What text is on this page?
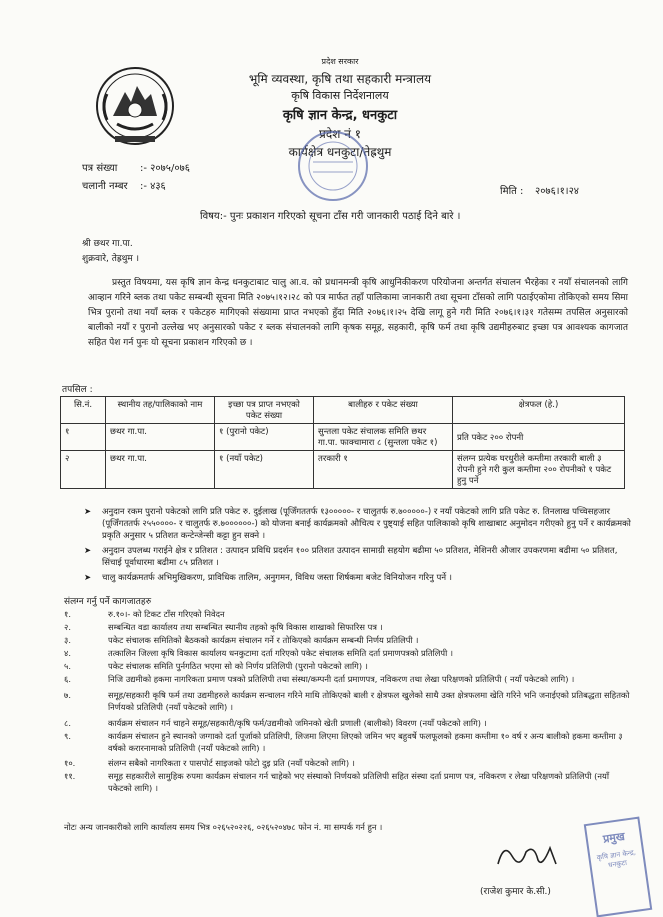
प्रदेश सरकार
भूमि व्यवस्था, कृषि तथा सहकारी मन्त्रालय
कृषि विकास निर्देशनालय
कृषि ज्ञान केन्द्र, धनकुटा
प्रदेश नं १
कार्यक्षेत्र धनकुटा/तेह्रथुम
पत्र संख्या :- २०७५/०७६
चलानी नम्बर :- ४३६	मिति : २०७६।१।२४
विषय:- पुनः प्रकाशन गरिएको सूचना टाँस गरी जानकारी पठाई दिने बारे ।
श्री छथर गा.पा.
शुक्रवारे, तेह्रथुम ।
प्रस्तुत विषयमा, यस कृषि ज्ञान केन्द्र धनकुटाबाट चालु आ.व. को प्रधानमन्त्री कृषि आधुनिकीकरण परियोजना अन्तर्गत संचालन भैरहेका र नयाँ संचालनको लागि आव्हान गरिने ब्लक तथा पकेट सम्बन्धी सूचना मिति २०७५।१२।२८ को पत्र मार्फत तहाँ पालिकामा जानकारी तथा सूचना टाँसको लागि पठाईएकोमा तोकिएको समय सिमा भित्र पुरानो तथा नयाँ ब्लक र पकेटहरु मागिएको संख्यामा प्राप्त नभएको हुँदा मिति २०७६।१।२५ देखि लागू हुने गरी मिति २०७६।१।३१ गतेसम्म तपसिल अनुसारको बालीको नयाँ र पुरानो उल्लेख भए अनुसारको पकेट र ब्लक संचालनको लागि कृषक समूह, सहकारी, कृषि फर्म तथा कृषि उद्यमीहरुबाट इच्छा पत्र आवश्यक कागजात सहित पेश गर्न पुनः यो सूचना प्रकाशन गरिएको छ ।
तपसिल :
सि.नं.	स्थानीय तह/पालिकाको नाम	इच्छा पत्र प्राप्त नभएको पकेट संख्या	बालीहरु र पकेट संख्या	क्षेत्रफल (हे.)
१	छथर गा.पा.	१ (पुरानो पकेट)	सुन्तला पकेट संचालक समिति छथर गा.पा. फाक्चामारा ८ (सुन्तला पकेट १)	प्रति पकेट २०० रोपनी
२	छथर गा.पा.	१ (नयाँ पकेट)	तरकारी १	संलग्न प्रत्येक घरधुरीले कम्तीमा तरकारी बाली ३ रोपनी हुने गरी कुल कम्तीमा २०० रोपनीको १ पकेट हुनु पर्ने
➤ अनुदान रकम पुरानो पकेटको लागि प्रति पकेट रु. दुईलाख (पूजिँगततर्फ १३०००००- र चालुतर्फ रु.७०००००-) र नयाँ पकेटको लागि प्रति पकेट रु. तिनलाख पच्चिसहजार (पूजिँगततर्फ २५५००००- र चालुतर्फ रु.७००००००-) को योजना बनाई कार्यक्रमको औचित्य र पुष्ट्याई सहित पालिकाको कृषि शाखाबाट अनुमोदन गरीएको हुनु पर्ने र कार्यक्रमको प्रकृति अनुसार ५ प्रतिशत कन्टेन्जेन्सी कट्टा हुन सक्ने ।
➤ अनुदान उपलब्ध गराईने क्षेत्र र प्रतिशत : उत्पादन प्रविधि प्रदर्शन १०० प्रतिशत उत्पादन सामाग्री सहयोग बढीमा ५० प्रतिशत, मेशिनरी औजार उपकरणमा बढीमा ५० प्रतिशत, सिंचाई पूर्वाधारमा बढीमा ८५ प्रतिशत ।
➤ चालु कार्यक्रमतर्फ अभिमुखिकरण, प्राविधिक तालिम, अनुगमन, विविध जस्ता शिर्षकमा बजेट विनियोजन गरिनु पर्ने ।
संलग्न गर्नु पर्ने कागजातहरु
१.	रु.१०।- को टिकट टाँस गरिएको निवेदन
२.	सम्बन्धित वडा कार्यालय तथा सम्बन्धित स्थानीय तहको कृषि विकास शाखाको सिफारिस पत्र ।
३.	पकेट संचालक समितिको बैठकको कार्यक्रम संचालन गर्ने र तोकिएको कार्यक्रम सम्बन्धी निर्णय प्रतिलिपी ।
४.	तत्कालिन जिल्ला कृषि विकास कार्यालय धनकुटामा दर्ता गरिएको पकेट संचालक समिति दर्ता प्रमाणपत्रको प्रतिलिपी ।
५.	पकेट संचालक समिति पुर्नगठित भएमा सो को निर्णय प्रतिलिपी (पुरानो पकेटको लागि) ।
६.	निजि उद्यमीको हकमा नागरिकता प्रमाण पत्रको प्रतिलिपी तथा संस्था/कम्पनी दर्ता प्रमाणपत्र, नविकरण तथा लेखा परिक्षणको प्रतिलिपी ( नयाँ पकेटको लागि) ।
७.	समूह/सहकारी कृषि फर्म तथा उद्यमीहरुले कार्यक्रम सन्चालन गरिने माथि तोकिएको बाली र क्षेत्रफल खुलेको साथै उक्त क्षेत्रफलमा खेति गरिने भनि जनाईएको प्रतिबद्धता सहितको निर्णयको प्रतिलिपी (नयाँ पकेटको लागि) ।
८.	कार्यक्रम संचालन गर्न चाहने समूह/सहकारी/कृषि फर्म/उद्यमीको जमिनको खेती प्रणाली (बालीको) विवरण (नयाँ पकेटको लागि) ।
९.	कार्यक्रम संचालन हुने स्थानको जग्गाको दर्ता पूर्जाको प्रतिलिपी, लिजमा लिएमा लिएको जमिन भए बहुवर्षे फलफूलको हकमा कम्तीमा १० वर्ष र अन्य बालीको हकमा कम्तीमा ३ वर्षको करारनामाको प्रतिलिपी (नयाँ पकेटको लागि) ।
१०.	संलग्न सबैको नागरिकता र पासपोर्ट साइजको फोटो दुइ प्रति (नयाँ पकेटको लागि) ।
११.	समूह सहकारीले सामुहिक रुपमा कार्यक्रम संचालन गर्न चाहेको भए संस्थाको निर्णयको प्रतिलिपी सहित संस्था दर्ता प्रमाण पत्र, नविकरण र लेखा परिक्षणको प्रतिलिपी (नयाँ पकेटको लागि) ।
नोटः अन्य जानकारीको लागि कार्यालय समय भित्र ०२६५२०२२६, ०२६५२०४७८ फोन नं. मा सम्पर्क गर्न हुन ।
प्रमुख
कृषि ज्ञान केन्द्र, धनकुटा
(राजेश कुमार के.सी.)
